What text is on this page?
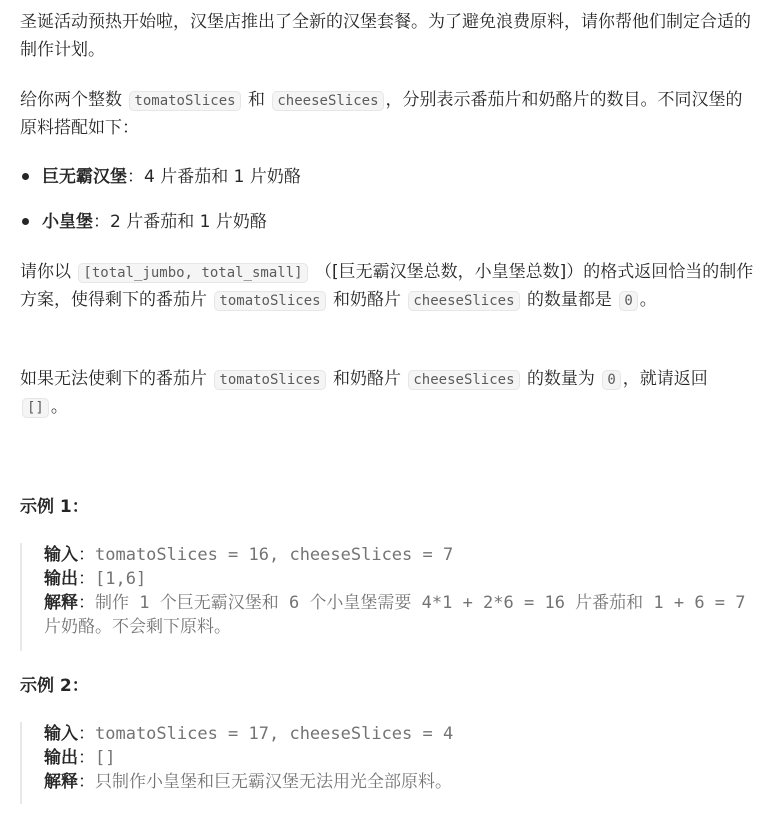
圣诞活动预热开始啦，汉堡店推出了全新的汉堡套餐。为了避免浪费原料，请你帮他们制定合适的制作计划。

给你两个整数 tomatoSlices 和 cheeseSlices ，分别表示番茄片和奶酪片的数目。不同汉堡的原料搭配如下：

巨无霸汉堡：4 片番茄和 1 片奶酪
小皇堡：2 片番茄和 1 片奶酪

请你以 [total_jumbo, total_small] （[巨无霸汉堡总数，小皇堡总数]）的格式返回恰当的制作方案，使得剩下的番茄片 tomatoSlices 和奶酪片 cheeseSlices 的数量都是 0 。

如果无法使剩下的番茄片 tomatoSlices 和奶酪片 cheeseSlices 的数量为 0 ，就请返回 [] 。

示例 1：
输入：tomatoSlices = 16, cheeseSlices = 7
输出：[1,6]
解释：制作 1 个巨无霸汉堡和 6 个小皇堡需要 4*1 + 2*6 = 16 片番茄和 1 + 6 = 7 片奶酪。不会剩下原料。
示例 2：
输入：tomatoSlices = 17, cheeseSlices = 4
输出：[]
解释：只制作小皇堡和巨无霸汉堡无法用光全部原料。
